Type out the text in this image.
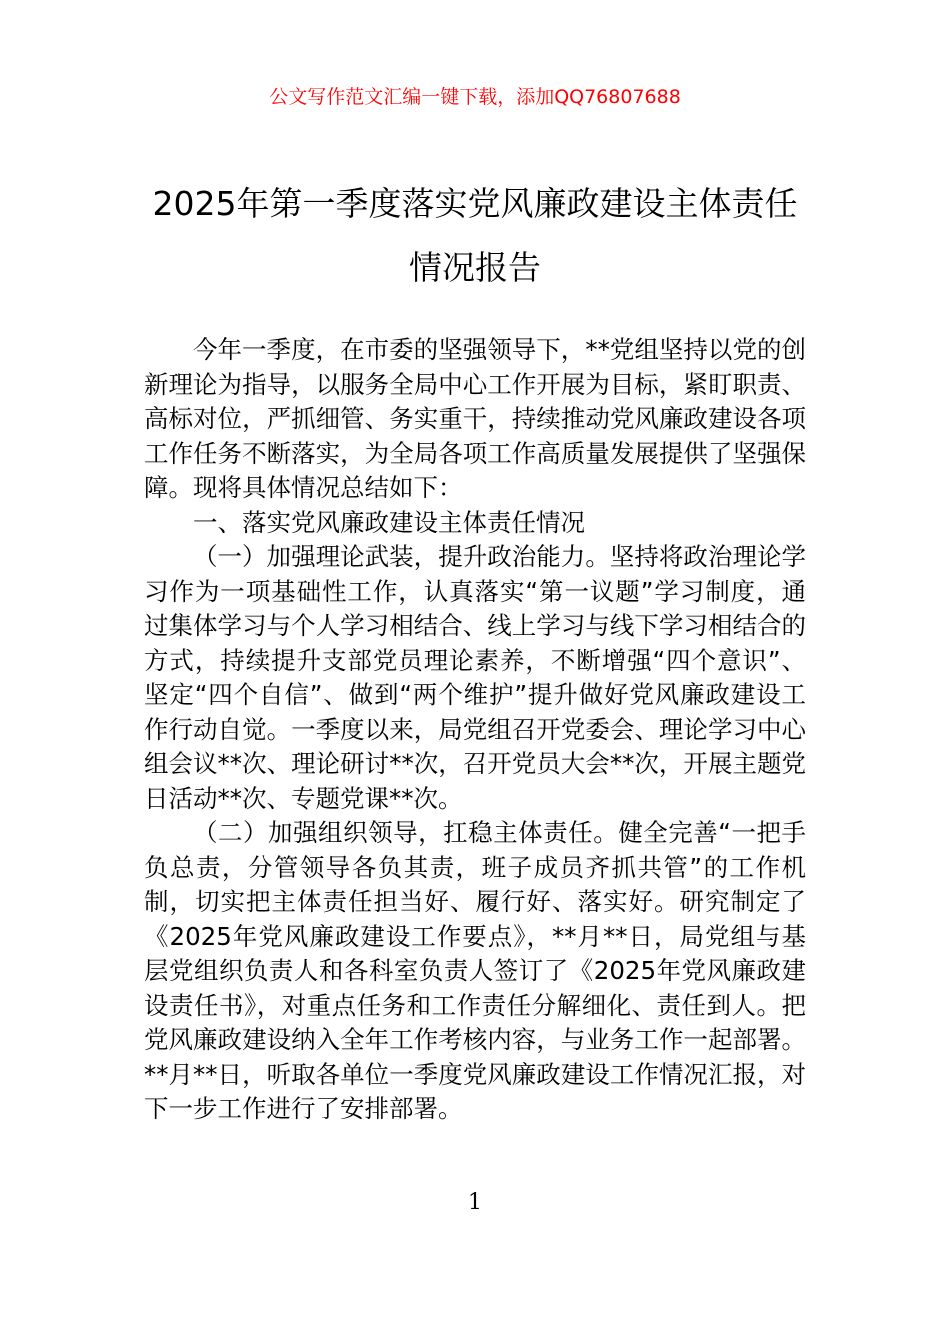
公文写作范文汇编一键下载，添加QQ76807688
2025年第一季度落实党风廉政建设主体责任情况报告

今年一季度，在市委的坚强领导下，**党组坚持以党的创新理论为指导，以服务全局中心工作开展为目标，紧盯职责、高标对位，严抓细管、务实重干，持续推动党风廉政建设各项工作任务不断落实，为全局各项工作高质量发展提供了坚强保障。现将具体情况总结如下：

一、落实党风廉政建设主体责任情况

（一）加强理论武装，提升政治能力。坚持将政治理论学习作为一项基础性工作，认真落实“第一议题”学习制度，通过集体学习与个人学习相结合、线上学习与线下学习相结合的方式，持续提升支部党员理论素养，不断增强“四个意识”、坚定“四个自信”、做到“两个维护”提升做好党风廉政建设工作行动自觉。一季度以来，局党组召开党委会、理论学习中心组会议**次、理论研讨**次，召开党员大会**次，开展主题党日活动**次、专题党课**次。

（二）加强组织领导，扛稳主体责任。健全完善“一把手负总责，分管领导各负其责，班子成员齐抓共管”的工作机制，切实把主体责任担当好、履行好、落实好。研究制定了《2025年党风廉政建设工作要点》，**月**日，局党组与基层党组织负责人和各科室负责人签订了《2025年党风廉政建设责任书》，对重点任务和工作责任分解细化、责任到人。把党风廉政建设纳入全年工作考核内容，与业务工作一起部署。**月**日，听取各单位一季度党风廉政建设工作情况汇报，对下一步工作进行了安排部署。

1
